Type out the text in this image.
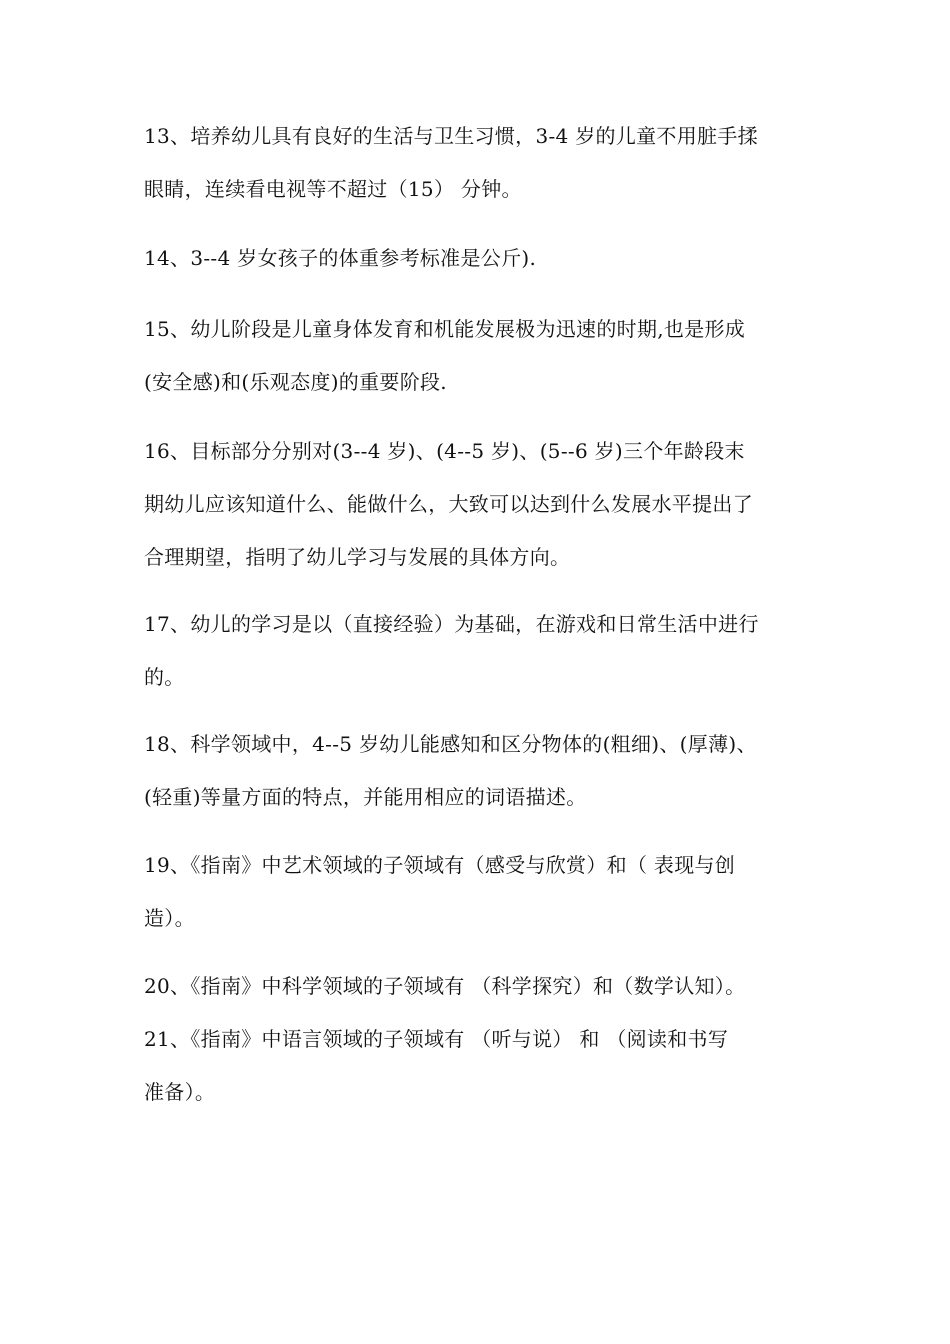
13、培养幼儿具有良好的生活与卫生习惯，3-4 岁的儿童不用脏手揉
眼睛，连续看电视等不超过（15） 分钟。
14、3--4 岁女孩子的体重参考标准是公斤).
15、幼儿阶段是儿童身体发育和机能发展极为迅速的时期,也是形成
(安全感)和(乐观态度)的重要阶段.
16、目标部分分别对(3--4 岁)、(4--5 岁)、(5--6 岁)三个年龄段末
期幼儿应该知道什么、能做什么，大致可以达到什么发展水平提出了
合理期望，指明了幼儿学习与发展的具体方向。
17、幼儿的学习是以（直接经验）为基础，在游戏和日常生活中进行
的。
18、科学领域中，4--5 岁幼儿能感知和区分物体的(粗细)、(厚薄)、
(轻重)等量方面的特点，并能用相应的词语描述。
19、《指南》中艺术领域的子领域有（感受与欣赏）和（ 表现与创
造）。
20、《指南》中科学领域的子领域有 （科学探究）和（数学认知）。
21、《指南》中语言领域的子领域有 （听与说） 和 （阅读和书写
准备）。
